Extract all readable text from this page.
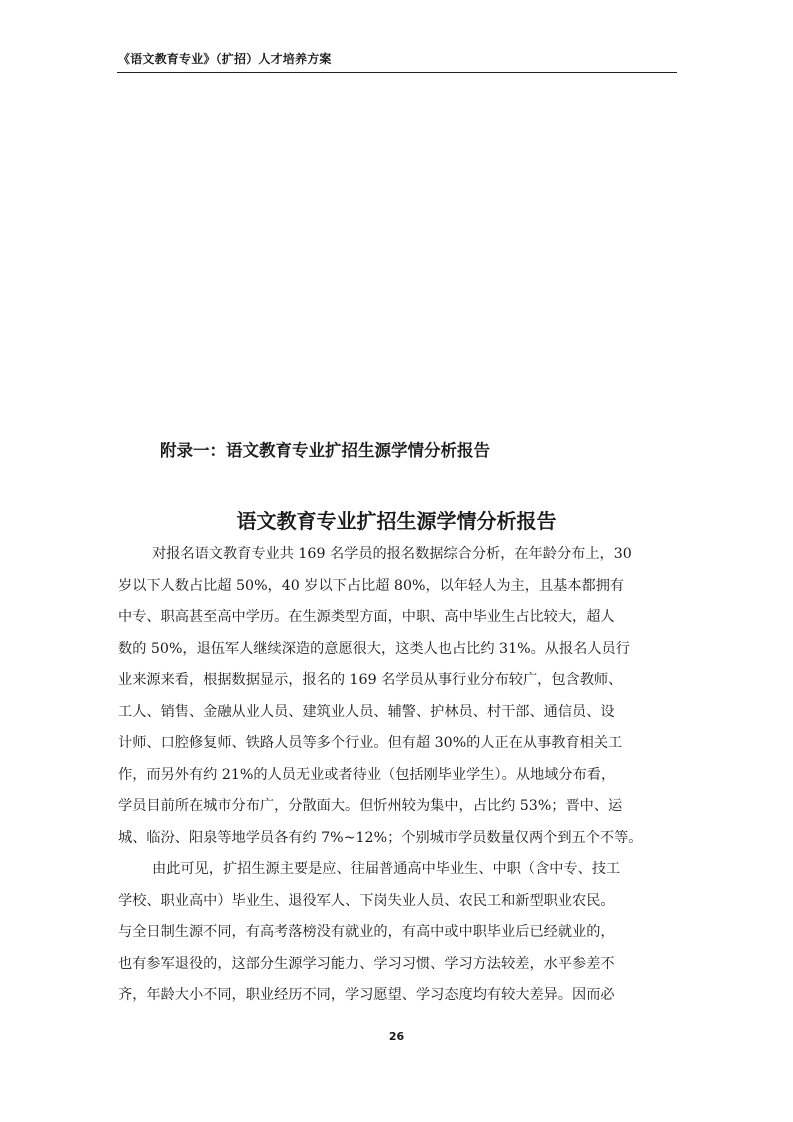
《语文教育专业》（扩招）人才培养方案
附录一：语文教育专业扩招生源学情分析报告
语文教育专业扩招生源学情分析报告
对报名语文教育专业共 169 名学员的报名数据综合分析，在年龄分布上，30
岁以下人数占比超 50%，40 岁以下占比超 80%，以年轻人为主，且基本都拥有
中专、职高甚至高中学历。在生源类型方面，中职、高中毕业生占比较大，超人
数的 50%，退伍军人继续深造的意愿很大，这类人也占比约 31%。从报名人员行
业来源来看，根据数据显示，报名的 169 名学员从事行业分布较广，包含教师、
工人、销售、金融从业人员、建筑业人员、辅警、护林员、村干部、通信员、设
计师、口腔修复师、铁路人员等多个行业。但有超 30%的人正在从事教育相关工
作，而另外有约 21%的人员无业或者待业（包括刚毕业学生）。从地域分布看，
学员目前所在城市分布广，分散面大。但忻州较为集中，占比约 53%；晋中、运
城、临汾、阳泉等地学员各有约 7%~12%；个别城市学员数量仅两个到五个不等。
由此可见，扩招生源主要是应、往届普通高中毕业生、中职（含中专、技工
学校、职业高中）毕业生、退役军人、下岗失业人员、农民工和新型职业农民。
与全日制生源不同，有高考落榜没有就业的，有高中或中职毕业后已经就业的，
也有参军退役的，这部分生源学习能力、学习习惯、学习方法较差，水平参差不
齐，年龄大小不同，职业经历不同，学习愿望、学习态度均有较大差异。因而必
26
